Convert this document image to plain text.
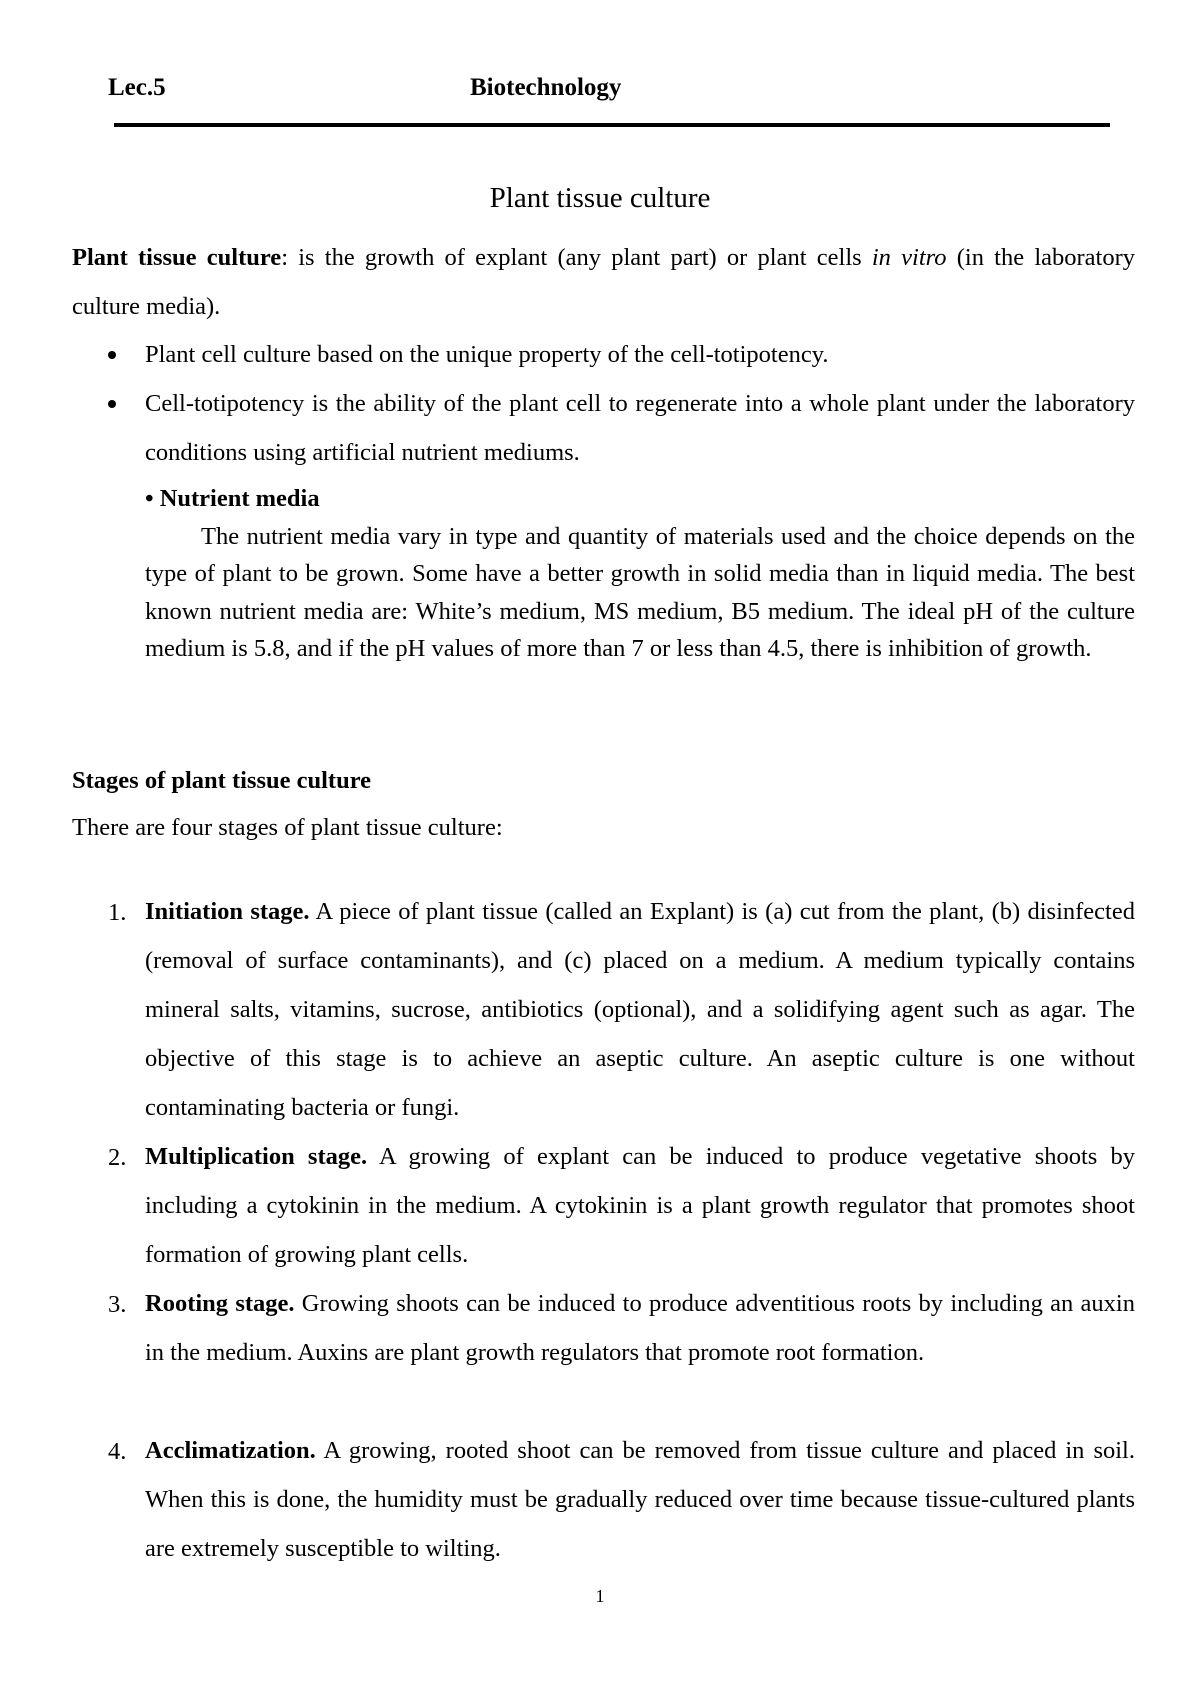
Lec.5	Biotechnology
Plant tissue culture
Plant tissue culture: is the growth of explant (any plant part) or plant cells in vitro (in the laboratory culture media).
Plant cell culture based on the unique property of the cell-totipotency.
Cell-totipotency is the ability of the plant cell to regenerate into a whole plant under the laboratory conditions using artificial nutrient mediums.
• Nutrient media
The nutrient media vary in type and quantity of materials used and the choice depends on the type of plant to be grown. Some have a better growth in solid media than in liquid media. The best known nutrient media are: White’s medium, MS medium, B5 medium. The ideal pH of the culture medium is 5.8, and if the pH values of more than 7 or less than 4.5, there is inhibition of growth.
Stages of plant tissue culture
There are four stages of plant tissue culture:
1. Initiation stage. A piece of plant tissue (called an Explant) is (a) cut from the plant, (b) disinfected (removal of surface contaminants), and (c) placed on a medium. A medium typically contains mineral salts, vitamins, sucrose, antibiotics (optional), and a solidifying agent such as agar. The objective of this stage is to achieve an aseptic culture. An aseptic culture is one without contaminating bacteria or fungi.
2. Multiplication stage. A growing of explant can be induced to produce vegetative shoots by including a cytokinin in the medium. A cytokinin is a plant growth regulator that promotes shoot formation of growing plant cells.
3. Rooting stage. Growing shoots can be induced to produce adventitious roots by including an auxin in the medium. Auxins are plant growth regulators that promote root formation.
4. Acclimatization. A growing, rooted shoot can be removed from tissue culture and placed in soil. When this is done, the humidity must be gradually reduced over time because tissue-cultured plants are extremely susceptible to wilting.
1
